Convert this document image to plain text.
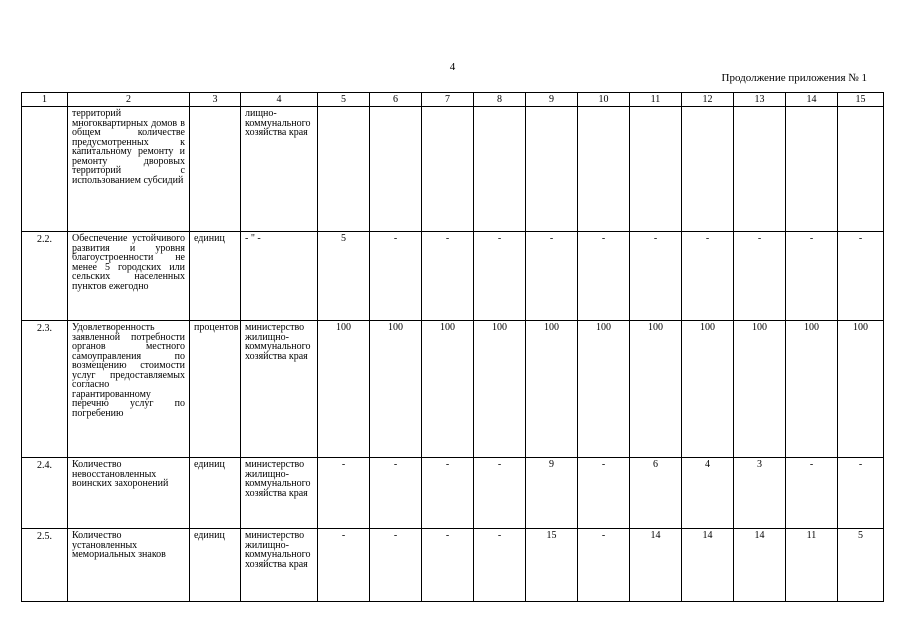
4
Продолжение приложения № 1
1	2	3	4	5	6	7	8	9	10	11	12	13	14	15
	территорий многоквартирных домов в общем количестве предусмотренных к капитальному ремонту и ремонту дворовых территорий с использованием субсидий		лищно-коммунального хозяйства края											
2.2.	Обеспечение устойчивого развития и уровня благоустроенности не менее 5 городских или сельских населенных пунктов ежегодно	единиц	- " -	5	-	-	-	-	-	-	-	-	-	-
2.3.	Удовлетворенность заявленной потребности органов местного самоуправления по возмещению стоимости услуг предоставляемых согласно гарантированному перечню услуг по погребению	процентов	министерство жилищно-коммунального хозяйства края	100	100	100	100	100	100	100	100	100	100	100
2.4.	Количество невосстановленных воинских захоронений	единиц	министерство жилищно-коммунального хозяйства края	-	-	-	-	9	-	6	4	3	-	-
2.5.	Количество установленных мемориальных знаков	единиц	министерство жилищно-коммунального хозяйства края	-	-	-	-	15	-	14	14	14	11	5
